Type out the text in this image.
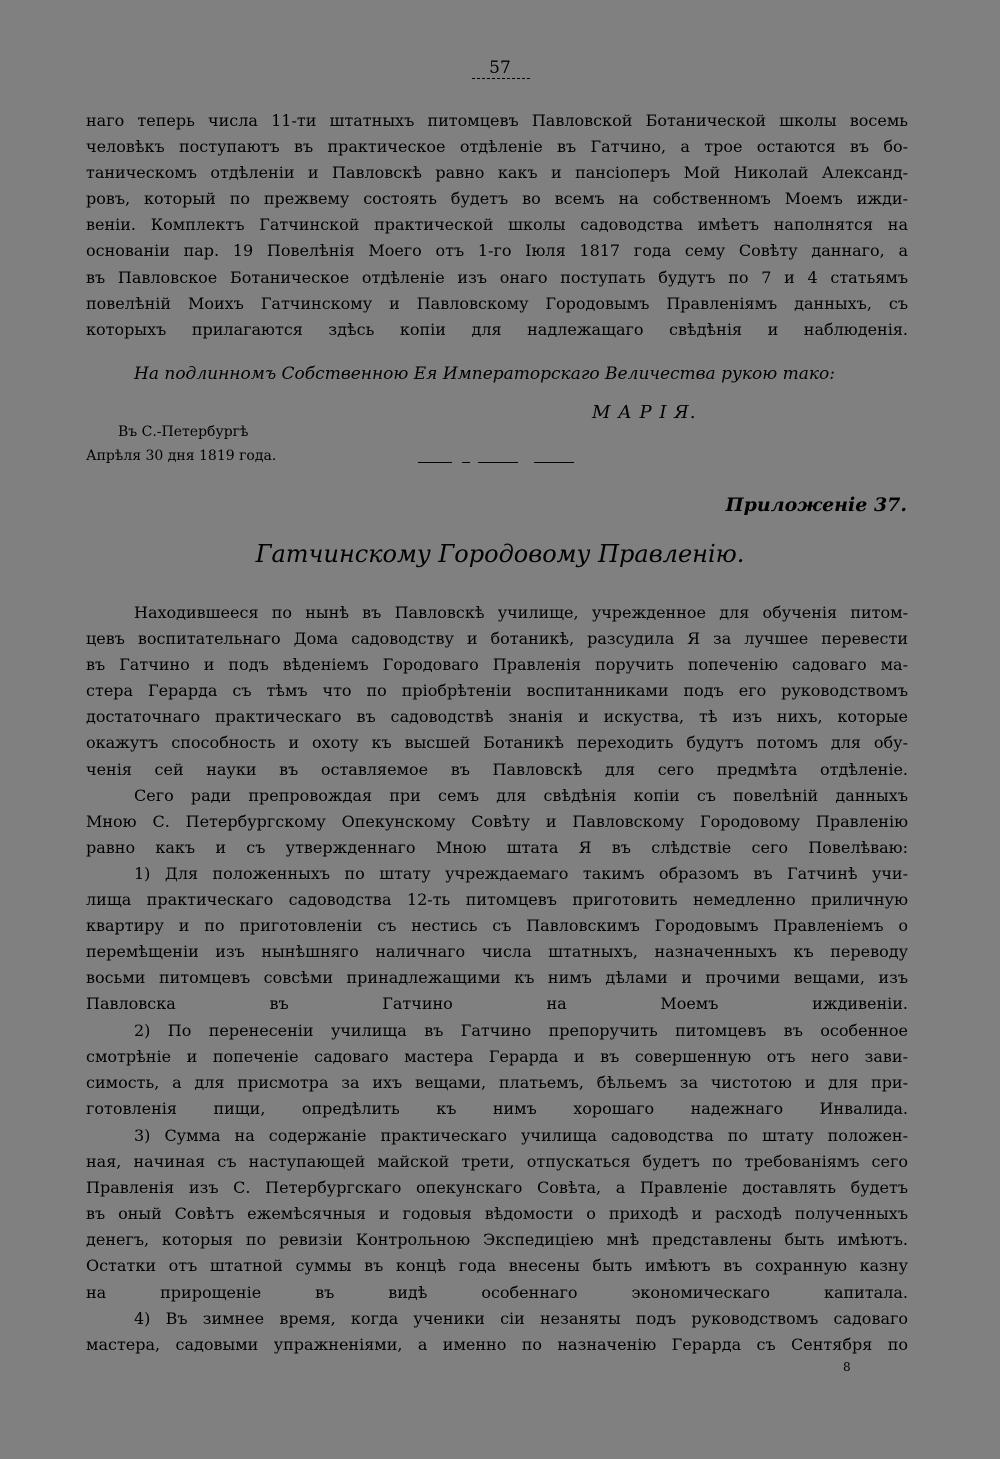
57
наго теперь числа 11-ти штатныхъ питомцевъ Павловской Ботанической школы восемь
человѣкъ поступаютъ въ практическое отдѣленіе въ Гатчино, а трое остаются въ бо-
таническомъ отдѣленіи и Павловскѣ равно какъ и пансіоперъ Мой Николай Александ-
ровъ, который по прежвему состоять будетъ во всемъ на собственномъ Моемъ ижди-
веніи. Комплектъ Гатчинской практической школы садоводства имѣетъ наполнятся на
основаніи пар. 19 Повелѣнія Моего отъ 1-го Іюля 1817 года сему Совѣту даннаго, а
въ Павловское Ботаническое отдѣленіе изъ онаго поступать будутъ по 7 и 4 статьямъ
повелѣній Моихъ Гатчинскому и Павловскому Городовымъ Правленіямъ данныхъ, съ
которыхъ прилагаются здѣсь копіи для надлежащаго свѣдѣнія и наблюденія.
На подлинномъ Собственною Ея Императорскаго Величества рукою тако:
М А Р І Я.
Въ С.-Петербургѣ
Апрѣля 30 дня 1819 года.
Приложеніе 37.
Гатчинскому Городовому Правленію.
Находившееся по нынѣ въ Павловскѣ училище, учрежденное для обученія питом-
цевъ воспитательнаго Дома садоводству и ботаникѣ, разсудила Я за лучшее перевести
въ Гатчино и подъ вѣденіемъ Городоваго Правленія поручить попеченію садоваго ма-
стера Герарда съ тѣмъ что по пріобрѣтеніи воспитанниками подъ его руководствомъ
достаточнаго практическаго въ садоводствѣ знанія и искуства, тѣ изъ нихъ, которые
окажутъ способность и охоту къ высшей Ботаникѣ переходить будутъ потомъ для обу-
ченія сей науки въ оставляемое въ Павловскѣ для сего предмѣта отдѣленіе.
Сего ради препровождая при семъ для свѣдѣнія копіи съ повелѣній данныхъ
Мною С. Петербургскому Опекунскому Совѣту и Павловскому Городовому Правленію
равно какъ и съ утвержденнаго Мною штата Я въ слѣдствіе сего Повелѣваю:
1) Для положенныхъ по штату учреждаемаго такимъ образомъ въ Гатчинѣ учи-
лища практическаго садоводства 12-ть питомцевъ приготовить немедленно приличную
квартиру и по приготовленіи съ нестись съ Павловскимъ Городовымъ Правленіемъ о
перемѣщеніи изъ нынѣшняго наличнаго числа штатныхъ, назначенныхъ къ переводу
восьми питомцевъ совсѣми принадлежащими къ нимъ дѣлами и прочими вещами, изъ
Павловска въ Гатчино на Моемъ иждивеніи.
2) По перенесеніи училища въ Гатчино препоручить питомцевъ въ особенное
смотрѣніе и попеченіе садоваго мастера Герарда и въ совершенную отъ него зави-
симость, а для присмотра за ихъ вещами, платьемъ, бѣльемъ за чистотою и для при-
готовленія пищи, опредѣлить къ нимъ хорошаго надежнаго Инвалида.
3) Сумма на содержаніе практическаго училища садоводства по штату положен-
ная, начиная съ наступающей майской трети, отпускаться будетъ по требованіямъ сего
Правленія изъ С. Петербургскаго опекунскаго Совѣта, а Правленіе доставлять будетъ
въ оный Совѣтъ ежемѣсячныя и годовыя вѣдомости о приходѣ и расходѣ полученныхъ
денегъ, которыя по ревизіи Контрольною Экспедиціею мнѣ представлены быть имѣютъ.
Остатки отъ штатной суммы въ концѣ года внесены быть имѣютъ въ сохранную казну
на прирощеніе въ видѣ особеннаго экономическаго капитала.
4) Въ зимнее время, когда ученики сіи незаняты подъ руководствомъ садоваго
мастера, садовыми упражненіями, а именно по назначенію Герарда съ Сентября по
8
